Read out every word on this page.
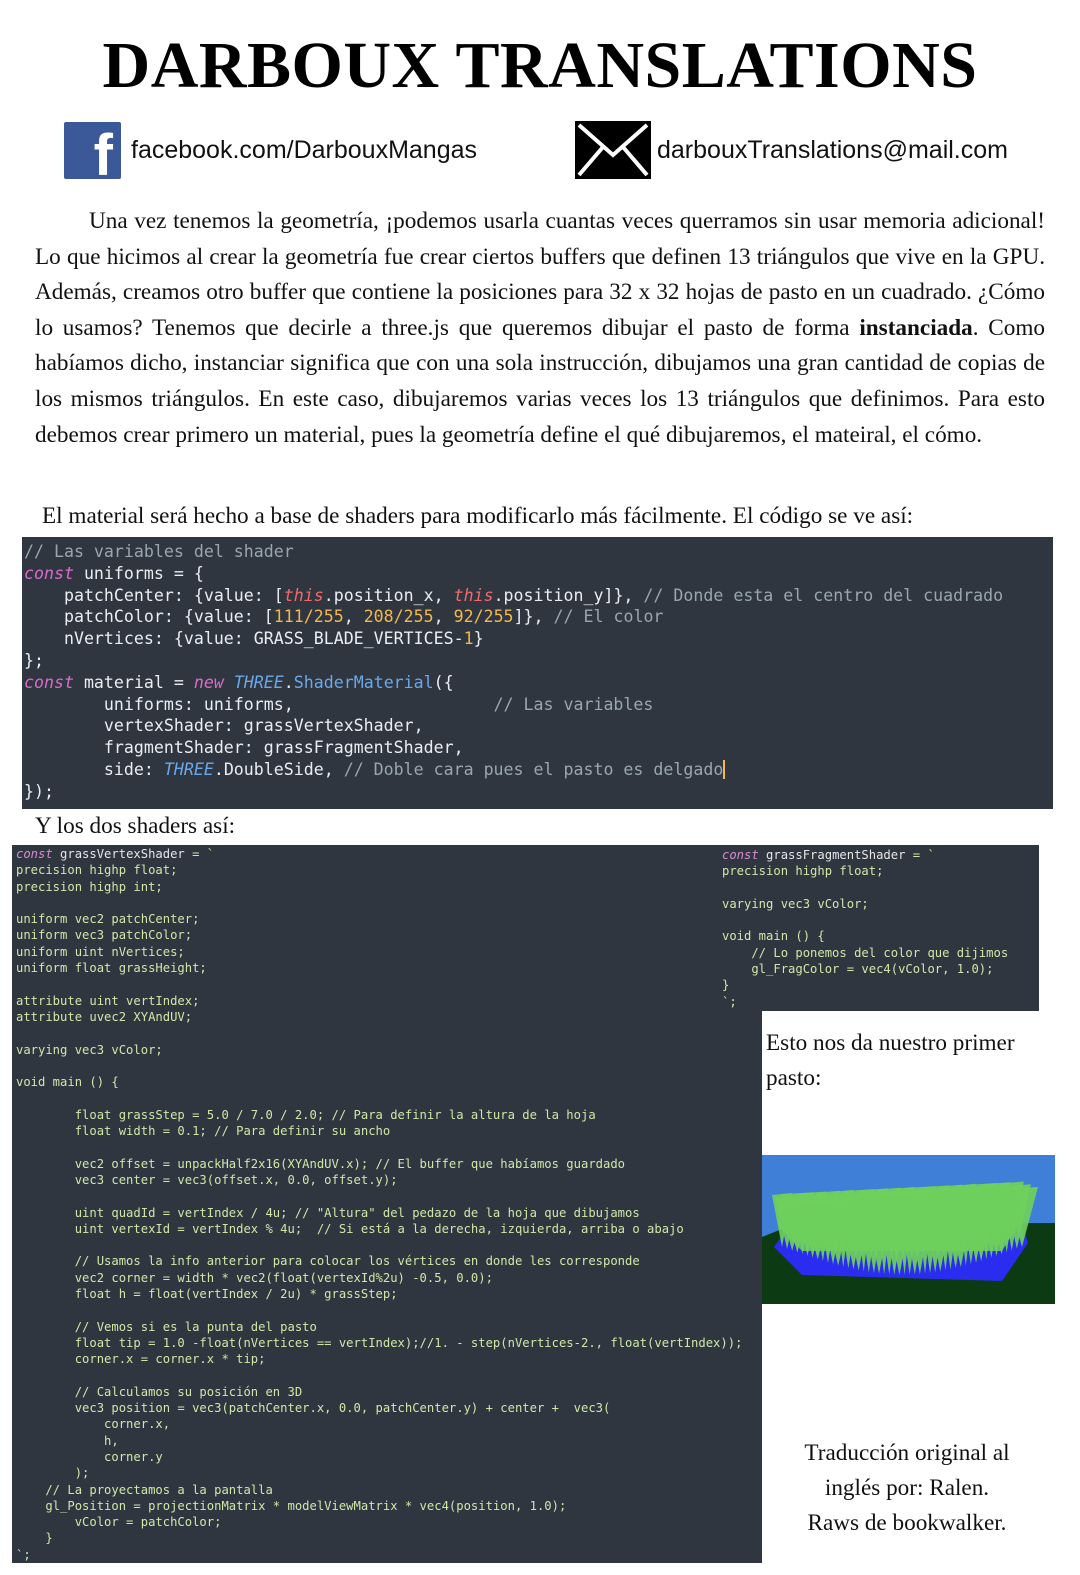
DARBOUX TRANSLATIONS
f facebook.com/DarbouxMangas	darbouxTranslations@mail.com

Una vez tenemos la geometría, ¡podemos usarla cuantas veces querramos sin usar memoria adicional! Lo que hicimos al crear la geometría fue crear ciertos buffers que definen 13 triángulos que vive en la GPU. Además, creamos otro buffer que contiene la posiciones para 32 x 32 hojas de pasto en un cuadrado. ¿Cómo lo usamos? Tenemos que decirle a three.js que queremos dibujar el pasto de forma instanciada. Como habíamos dicho, instanciar significa que con una sola instrucción, dibujamos una gran cantidad de copias de los mismos triángulos. En este caso, dibujaremos varias veces los 13 triángulos que definimos. Para esto debemos crear primero un material, pues la geometría define el qué dibujaremos, el mateiral, el cómo.

El material será hecho a base de shaders para modificarlo más fácilmente. El código se ve así:

// Las variables del shader
const uniforms = {
patchCenter: {value: [this.position_x, this.position_y]}, // Donde esta el centro del cuadrado
patchColor: {value: [111/255, 208/255, 92/255]}, // El color
nVertices: {value: GRASS_BLADE_VERTICES-1}
};
const material = new THREE.ShaderMaterial({
uniforms: uniforms,                    // Las variables
vertexShader: grassVertexShader,
fragmentShader: grassFragmentShader,
side: THREE.DoubleSide, // Doble cara pues el pasto es delgado
});

Y los dos shaders así:

const grassVertexShader = `
precision highp float;
precision highp int;

uniform vec2 patchCenter;
uniform vec3 patchColor;
uniform uint nVertices;
uniform float grassHeight;

attribute uint vertIndex;
attribute uvec2 XYAndUV;

varying vec3 vColor;

void main () {

float grassStep = 5.0 / 7.0 / 2.0; // Para definir la altura de la hoja
float width = 0.1; // Para definir su ancho

vec2 offset = unpackHalf2x16(XYAndUV.x); // El buffer que habíamos guardado
vec3 center = vec3(offset.x, 0.0, offset.y);

uint quadId = vertIndex / 4u; // "Altura" del pedazo de la hoja que dibujamos
uint vertexId = vertIndex % 4u;  // Si está a la derecha, izquierda, arriba o abajo

// Usamos la info anterior para colocar los vértices en donde les corresponde
vec2 corner = width * vec2(float(vertexId%2u) -0.5, 0.0);
float h = float(vertIndex / 2u) * grassStep;

// Vemos si es la punta del pasto
float tip = 1.0 -float(nVertices == vertIndex);//1. - step(nVertices-2., float(vertIndex));
corner.x = corner.x * tip;

// Calculamos su posición en 3D
vec3 position = vec3(patchCenter.x, 0.0, patchCenter.y) + center +  vec3(
corner.x,
h,
corner.y
);
// La proyectamos a la pantalla
gl_Position = projectionMatrix * modelViewMatrix * vec4(position, 1.0);
vColor = patchColor;
}
`;
const grassFragmentShader = `
precision highp float;

varying vec3 vColor;

void main () {
// Lo ponemos del color que dijimos
gl_FragColor = vec4(vColor, 1.0);
}
`;

Esto nos da nuestro primer pasto:

Traducción original al
inglés por: Ralen.
Raws de bookwalker.
